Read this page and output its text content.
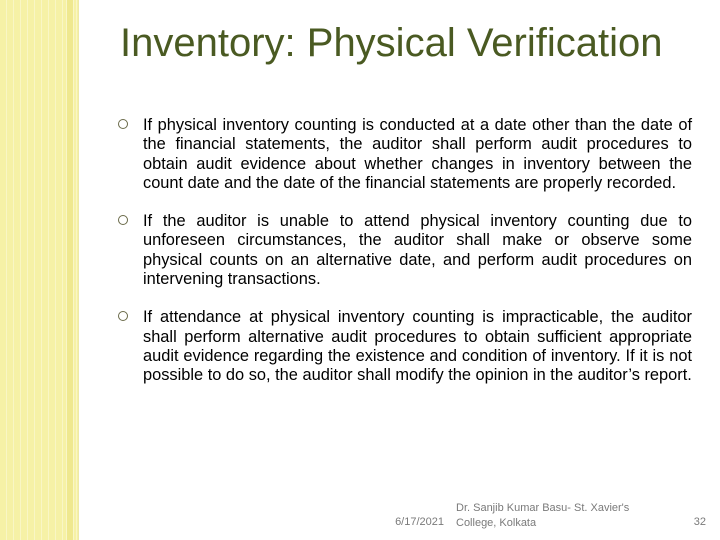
Inventory: Physical Verification
If physical inventory counting is conducted at a date other than the date of the financial statements, the auditor shall perform audit procedures to obtain audit evidence about whether changes in inventory between the count date and the date of the financial statements are properly recorded.
If the auditor is unable to attend physical inventory counting due to unforeseen circumstances, the auditor shall make or observe some physical counts on an alternative date, and perform audit procedures on intervening transactions.
If attendance at physical inventory counting is impracticable, the auditor shall perform alternative audit procedures to obtain sufficient appropriate audit evidence regarding the existence and condition of inventory. If it is not possible to do so, the auditor shall modify the opinion in the auditor’s report.
6/17/2021
Dr. Sanjib Kumar Basu- St. Xavier's College, Kolkata	32
